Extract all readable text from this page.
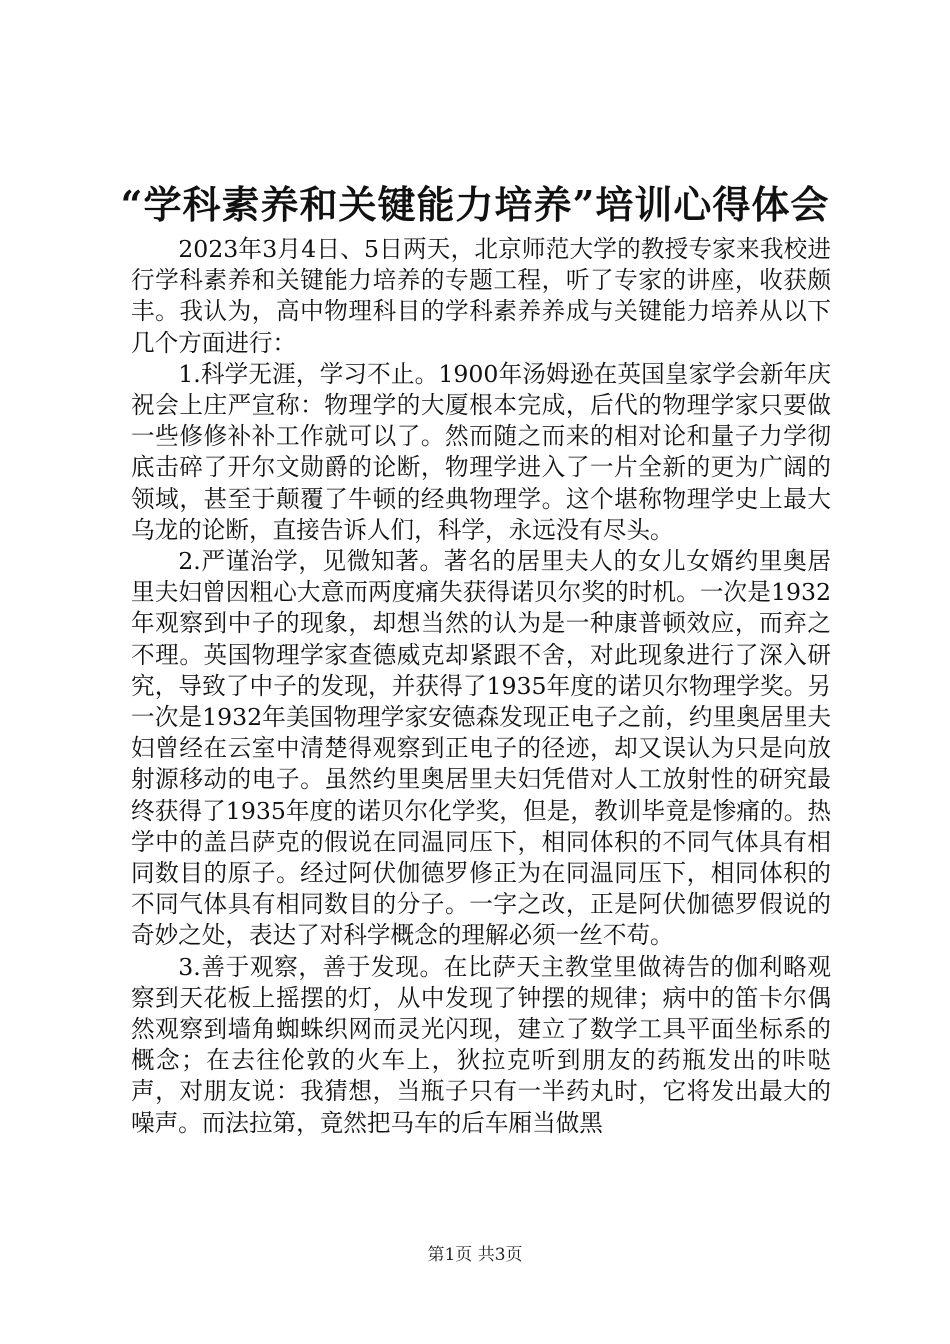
“学科素养和关键能力培养”培训心得体会

2023年3月4日、5日两天，北京师范大学的教授专家来我校进行学科素养和关键能力培养的专题工程，听了专家的讲座，收获颇丰。我认为，高中物理科目的学科素养养成与关键能力培养从以下几个方面进行：

1.科学无涯，学习不止。1900年汤姆逊在英国皇家学会新年庆祝会上庄严宣称：物理学的大厦根本完成，后代的物理学家只要做一些修修补补工作就可以了。然而随之而来的相对论和量子力学彻底击碎了开尔文勋爵的论断，物理学进入了一片全新的更为广阔的领域，甚至于颠覆了牛顿的经典物理学。这个堪称物理学史上最大乌龙的论断，直接告诉人们，科学，永远没有尽头。

2.严谨治学，见微知著。著名的居里夫人的女儿女婿约里奥居里夫妇曾因粗心大意而两度痛失获得诺贝尔奖的时机。一次是1932年观察到中子的现象，却想当然的认为是一种康普顿效应，而弃之不理。英国物理学家查德威克却紧跟不舍，对此现象进行了深入研究，导致了中子的发现，并获得了1935年度的诺贝尔物理学奖。另一次是1932年美国物理学家安德森发现正电子之前，约里奥居里夫妇曾经在云室中清楚得观察到正电子的径迹，却又误认为只是向放射源移动的电子。虽然约里奥居里夫妇凭借对人工放射性的研究最终获得了1935年度的诺贝尔化学奖，但是，教训毕竟是惨痛的。热学中的盖吕萨克的假说在同温同压下，相同体积的不同气体具有相同数目的原子。经过阿伏伽德罗修正为在同温同压下，相同体积的不同气体具有相同数目的分子。一字之改，正是阿伏伽德罗假说的奇妙之处，表达了对科学概念的理解必须一丝不苟。

3.善于观察，善于发现。在比萨天主教堂里做祷告的伽利略观察到天花板上摇摆的灯，从中发现了钟摆的规律；病中的笛卡尔偶然观察到墙角蜘蛛织网而灵光闪现，建立了数学工具平面坐标系的概念；在去往伦敦的火车上，狄拉克听到朋友的药瓶发出的咔哒声，对朋友说：我猜想，当瓶子只有一半药丸时，它将发出最大的噪声。而法拉第，竟然把马车的后车厢当做黑

第1页 共3页
